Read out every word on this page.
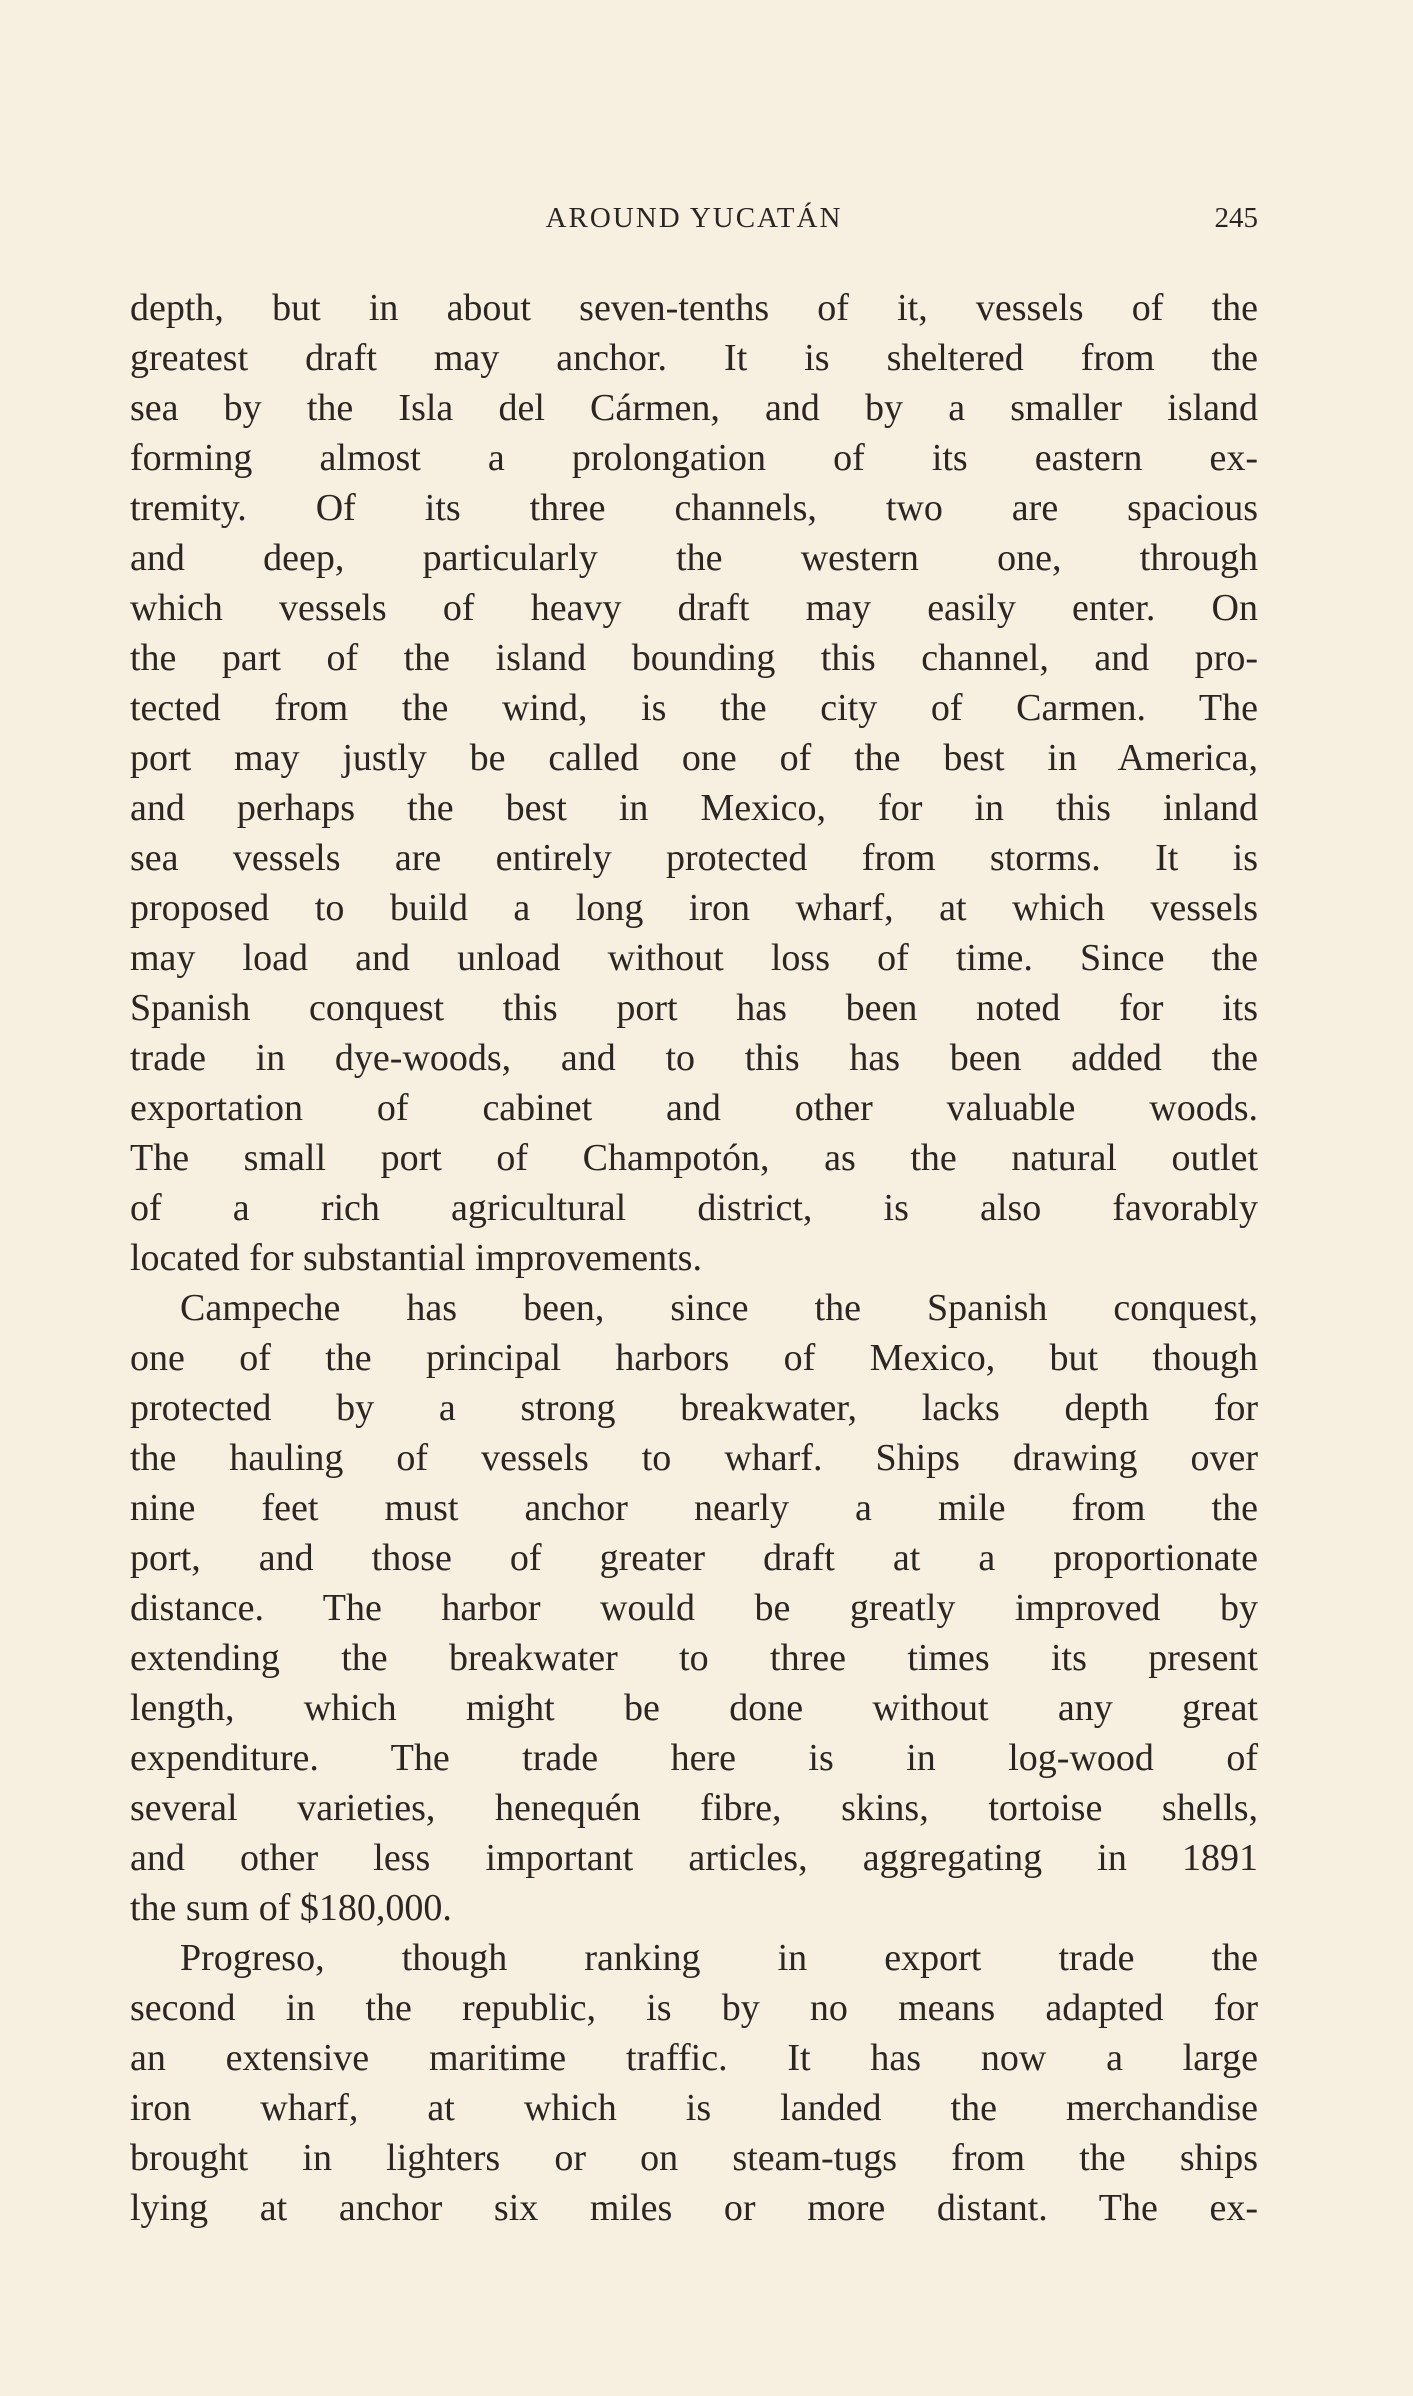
AROUND YUCATÁN	245
depth, but in about seven-tenths of it, vessels of the
greatest draft may anchor. It is sheltered from the
sea by the Isla del Cármen, and by a smaller island
forming almost a prolongation of its eastern ex-
tremity. Of its three channels, two are spacious
and deep, particularly the western one, through
which vessels of heavy draft may easily enter. On
the part of the island bounding this channel, and pro-
tected from the wind, is the city of Carmen. The
port may justly be called one of the best in America,
and perhaps the best in Mexico, for in this inland
sea vessels are entirely protected from storms. It is
proposed to build a long iron wharf, at which vessels
may load and unload without loss of time. Since the
Spanish conquest this port has been noted for its
trade in dye-woods, and to this has been added the
exportation of cabinet and other valuable woods.
The small port of Champotón, as the natural outlet
of a rich agricultural district, is also favorably
located for substantial improvements.
Campeche has been, since the Spanish conquest,
one of the principal harbors of Mexico, but though
protected by a strong breakwater, lacks depth for
the hauling of vessels to wharf. Ships drawing over
nine feet must anchor nearly a mile from the
port, and those of greater draft at a proportionate
distance. The harbor would be greatly improved by
extending the breakwater to three times its present
length, which might be done without any great
expenditure. The trade here is in log-wood of
several varieties, henequén fibre, skins, tortoise shells,
and other less important articles, aggregating in 1891
the sum of $180,000.
Progreso, though ranking in export trade the
second in the republic, is by no means adapted for
an extensive maritime traffic. It has now a large
iron wharf, at which is landed the merchandise
brought in lighters or on steam-tugs from the ships
lying at anchor six miles or more distant. The ex-
